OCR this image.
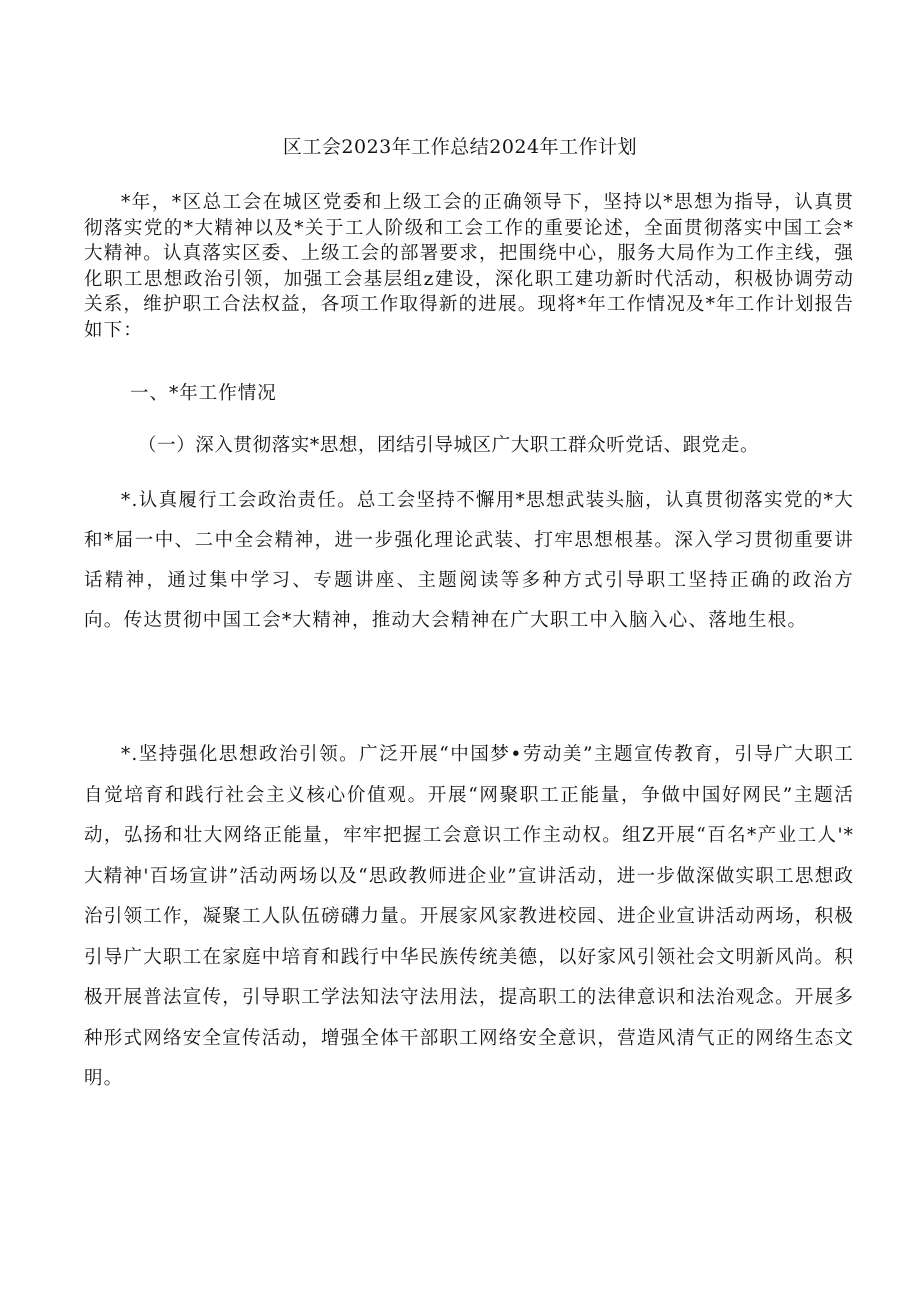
区工会2023年工作总结2024年工作计划

*年，*区总工会在城区党委和上级工会的正确领导下，坚持以*思想为指导，认真贯彻落实党的*大精神以及*关于工人阶级和工会工作的重要论述，全面贯彻落实中国工会*大精神。认真落实区委、上级工会的部署要求，把围绕中心，服务大局作为工作主线，强化职工思想政治引领，加强工会基层组z建设，深化职工建功新时代活动，积极协调劳动关系，维护职工合法权益，各项工作取得新的进展。现将*年工作情况及*年工作计划报告如下：

一、*年工作情况
（一）深入贯彻落实*思想，团结引导城区广大职工群众听党话、跟党走。

*.认真履行工会政治责任。总工会坚持不懈用*思想武装头脑，认真贯彻落实党的*大和*届一中、二中全会精神，进一步强化理论武装、打牢思想根基。深入学习贯彻重要讲话精神，通过集中学习、专题讲座、主题阅读等多种方式引导职工坚持正确的政治方向。传达贯彻中国工会*大精神，推动大会精神在广大职工中入脑入心、落地生根。

*.坚持强化思想政治引领。广泛开展“中国梦•劳动美”主题宣传教育，引导广大职工自觉培育和践行社会主义核心价值观。开展“网聚职工正能量，争做中国好网民”主题活动，弘扬和壮大网络正能量，牢牢把握工会意识工作主动权。组Z开展“百名*产业工人'*大精神'百场宣讲”活动两场以及“思政教师进企业”宣讲活动，进一步做深做实职工思想政治引领工作，凝聚工人队伍磅礴力量。开展家风家教进校园、进企业宣讲活动两场，积极引导广大职工在家庭中培育和践行中华民族传统美德，以好家风引领社会文明新风尚。积极开展普法宣传，引导职工学法知法守法用法，提高职工的法律意识和法治观念。开展多种形式网络安全宣传活动，增强全体干部职工网络安全意识，营造风清气正的网络生态文明。
